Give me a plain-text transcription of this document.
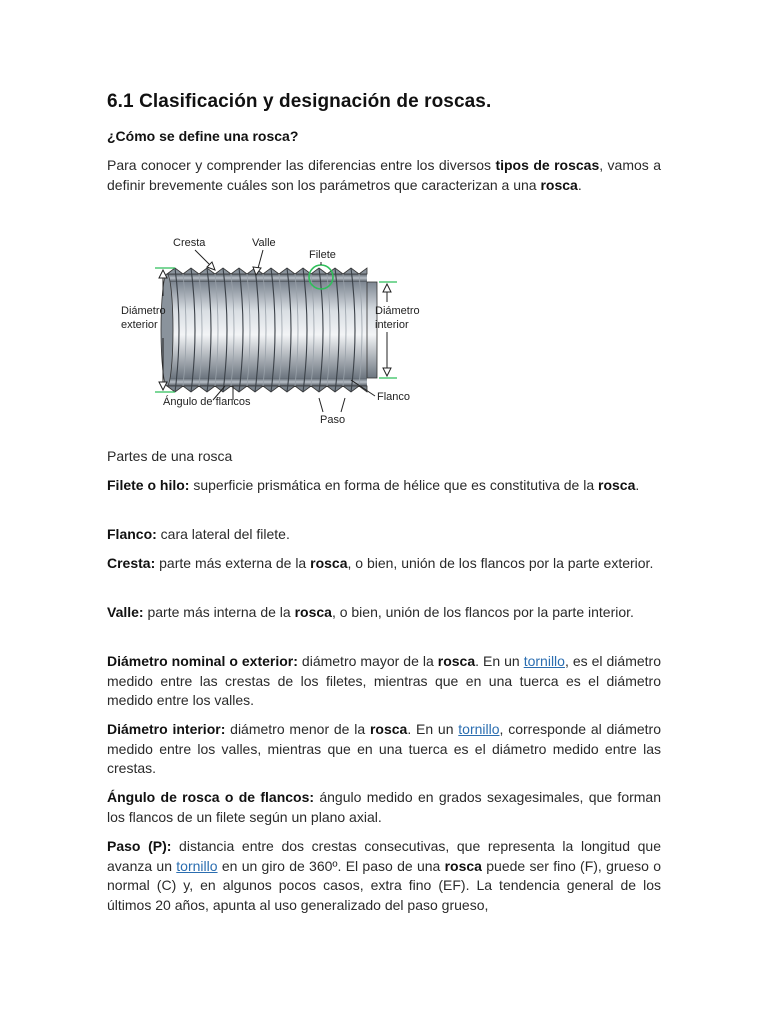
6.1 Clasificación y designación de roscas.
¿Cómo se define una rosca?

Para conocer y comprender las diferencias entre los diversos tipos de roscas, vamos a definir brevemente cuáles son los parámetros que caracterizan a una rosca.

Cresta	Valle
Filete
Diámetro
exterior
Diámetro
interior
Ángulo de flancos	Flanco
Paso

Partes de una rosca

Filete o hilo: superficie prismática en forma de hélice que es constitutiva de la rosca.

Flanco: cara lateral del filete.

Cresta: parte más externa de la rosca, o bien, unión de los flancos por la parte exterior.

Valle: parte más interna de la rosca, o bien, unión de los flancos por la parte interior.

Diámetro nominal o exterior: diámetro mayor de la rosca. En un tornillo, es el diámetro medido entre las crestas de los filetes, mientras que en una tuerca es el diámetro medido entre los valles.

Diámetro interior: diámetro menor de la rosca. En un tornillo, corresponde al diámetro medido entre los valles, mientras que en una tuerca es el diámetro medido entre las crestas.

Ángulo de rosca o de flancos: ángulo medido en grados sexagesimales, que forman los flancos de un filete según un plano axial.

Paso (P): distancia entre dos crestas consecutivas, que representa la longitud que avanza un tornillo en un giro de 360º. El paso de una rosca puede ser fino (F), grueso o normal (C) y, en algunos pocos casos, extra fino (EF). La tendencia general de los últimos 20 años, apunta al uso generalizado del paso grueso,
